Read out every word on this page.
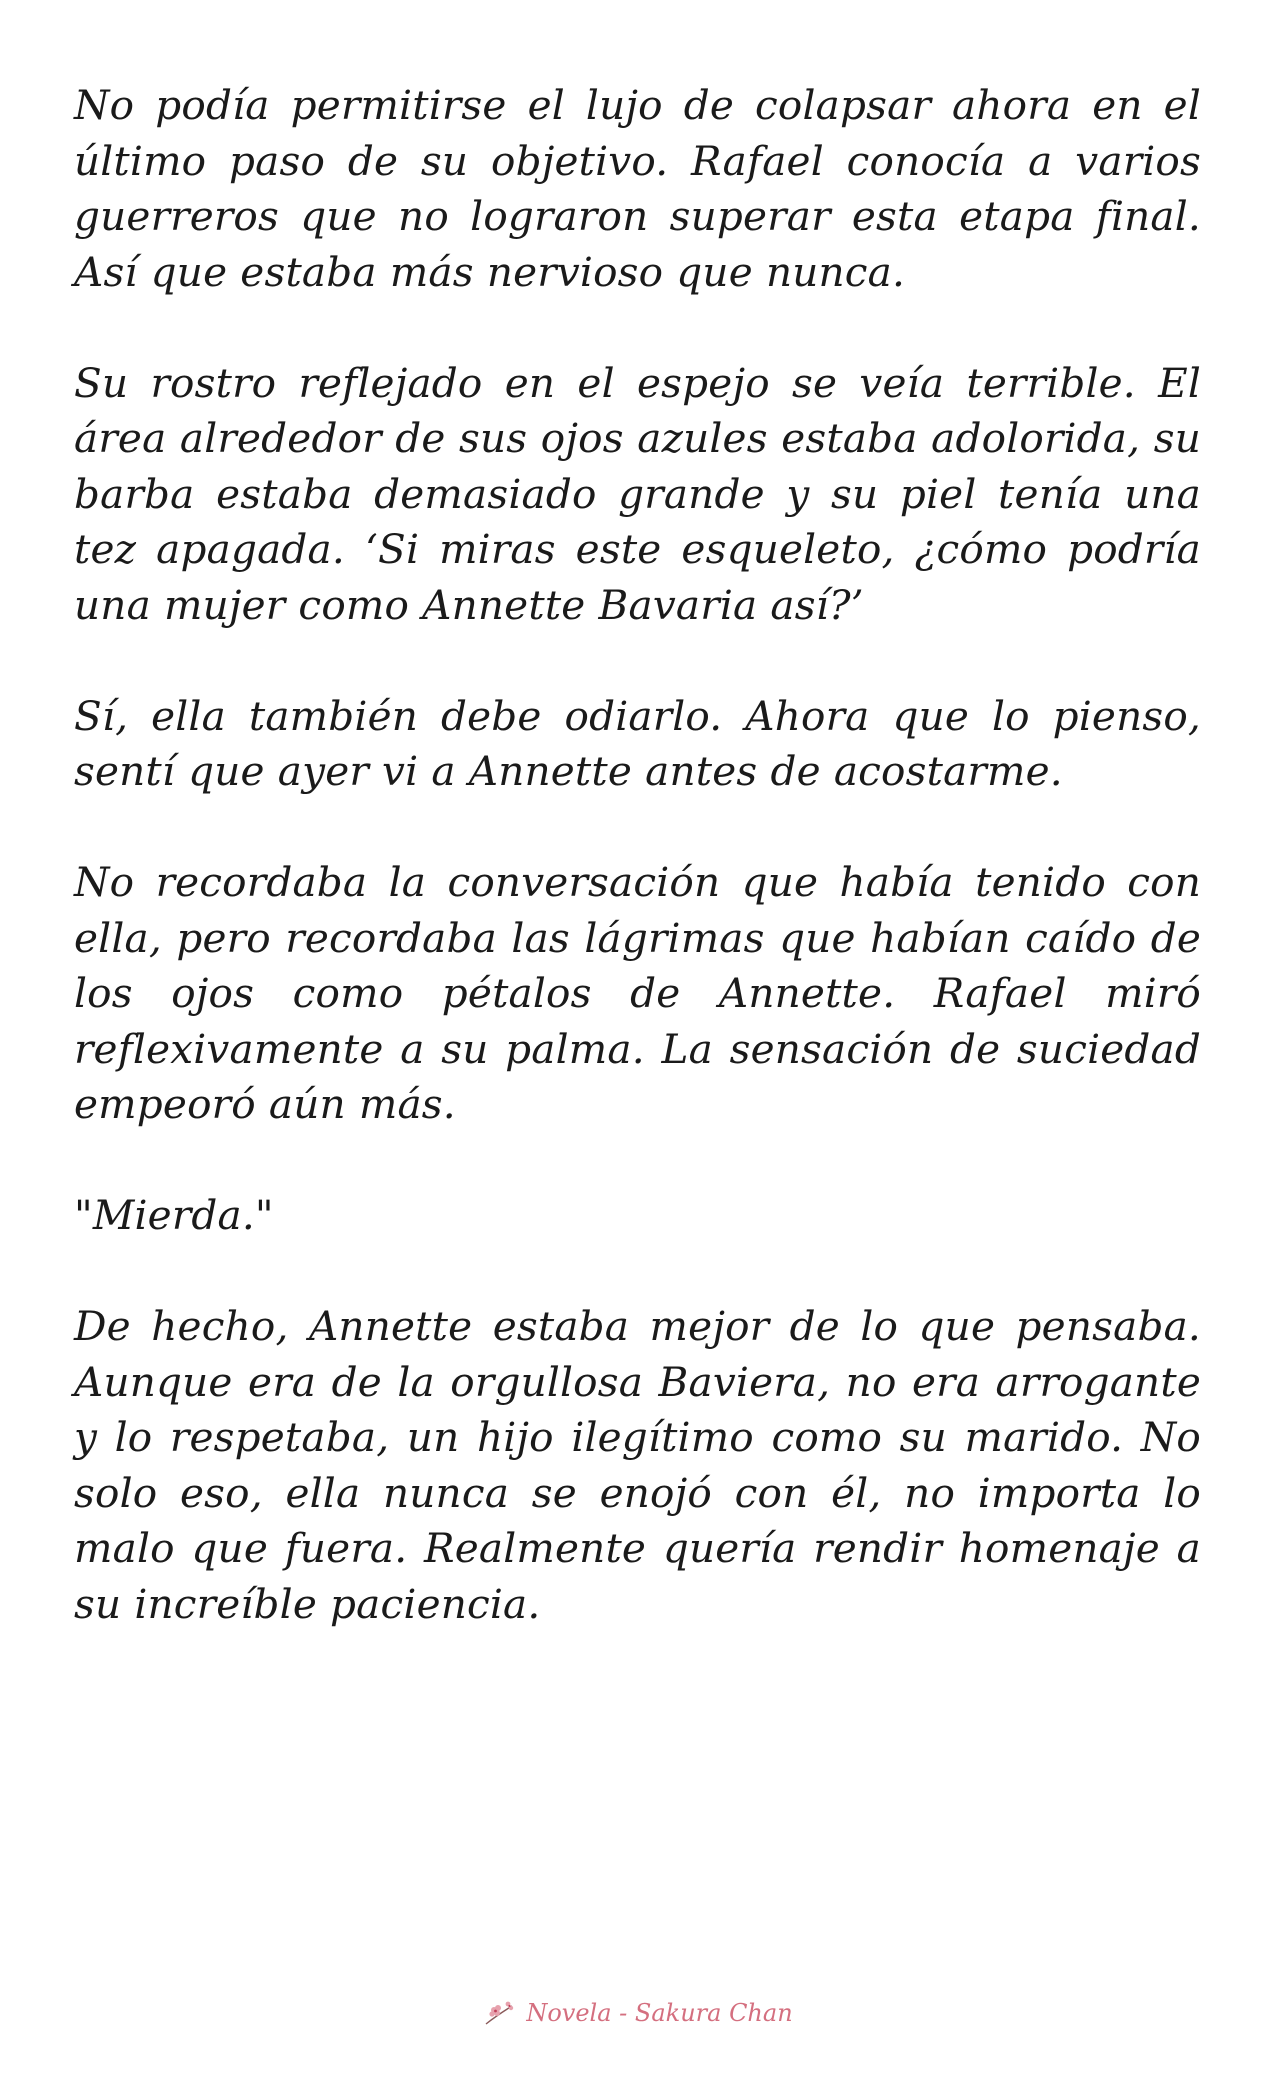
No podía permitirse el lujo de colapsar ahora en el último paso de su objetivo. Rafael conocía a varios guerreros que no lograron superar esta etapa final. Así que estaba más nervioso que nunca.

Su rostro reflejado en el espejo se veía terrible. El área alrededor de sus ojos azules estaba adolorida, su barba estaba demasiado grande y su piel tenía una tez apagada. ‘Si miras este esqueleto, ¿cómo podría una mujer como Annette Bavaria así?’

Sí, ella también debe odiarlo. Ahora que lo pienso, sentí que ayer vi a Annette antes de acostarme.

No recordaba la conversación que había tenido con ella, pero recordaba las lágrimas que habían caído de los ojos como pétalos de Annette. Rafael miró reflexivamente a su palma. La sensación de suciedad empeoró aún más.

"Mierda."

De hecho, Annette estaba mejor de lo que pensaba. Aunque era de la orgullosa Baviera, no era arrogante y lo respetaba, un hijo ilegítimo como su marido. No solo eso, ella nunca se enojó con él, no importa lo malo que fuera. Realmente quería rendir homenaje a su increíble paciencia.

Novela - Sakura Chan
